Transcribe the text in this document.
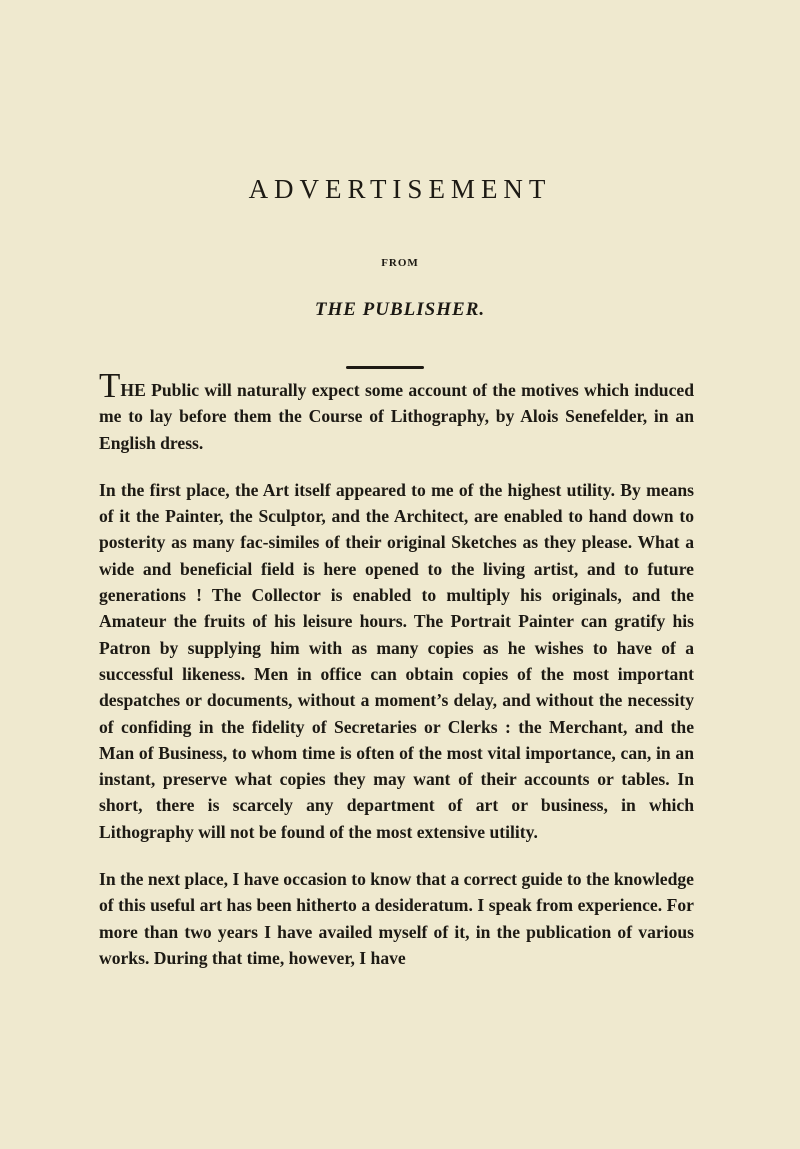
ADVERTISEMENT
FROM
THE PUBLISHER.

THE Public will naturally expect some account of the motives which induced me to lay before them the Course of Lithography, by Alois Senefelder, in an English dress.

In the first place, the Art itself appeared to me of the highest utility. By means of it the Painter, the Sculptor, and the Architect, are enabled to hand down to posterity as many fac-similes of their original Sketches as they please. What a wide and beneficial field is here opened to the living artist, and to future generations ! The Collector is enabled to multiply his originals, and the Amateur the fruits of his leisure hours. The Portrait Painter can gratify his Patron by supplying him with as many copies as he wishes to have of a successful likeness. Men in office can obtain copies of the most important despatches or documents, without a moment’s delay, and without the necessity of confiding in the fidelity of Secretaries or Clerks : the Merchant, and the Man of Business, to whom time is often of the most vital importance, can, in an instant, preserve what copies they may want of their accounts or tables. In short, there is scarcely any department of art or business, in which Lithography will not be found of the most extensive utility.

In the next place, I have occasion to know that a correct guide to the knowledge of this useful art has been hitherto a desideratum. I speak from experience. For more than two years I have availed myself of it, in the publication of various works. During that time, however, I have
